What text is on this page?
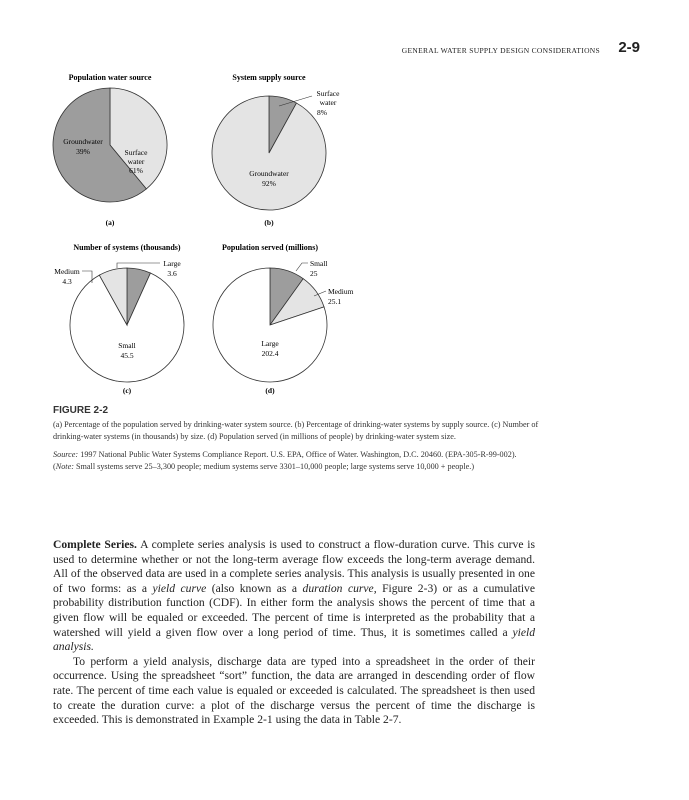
GENERAL WATER SUPPLY DESIGN CONSIDERATIONS 2-9
Population water source
Groundwater
39%	Surface water
61%
(a)
System supply source
Surface water
8%
Groundwater
92%
(b)
Number of systems (thousands)
Large
3.6
Medium
4.3
Small
45.5
(c)
Population served (millions)
Small
25
Medium
25.1
Large
202.4
(d)
FIGURE 2-2

(a) Percentage of the population served by drinking-water system source. (b) Percentage of drinking-water systems by supply source. (c) Number of drinking-water systems (in thousands) by size. (d) Population served (in millions of people) by drinking-water system size.

Source: 1997 National Public Water Systems Compliance Report. U.S. EPA, Office of Water. Washington, D.C. 20460. (EPA-305-R-99-002).

(Note: Small systems serve 25–3,300 people; medium systems serve 3301–10,000 people; large systems serve 10,000 + people.)

Complete Series. A complete series analysis is used to construct a flow-duration curve. This curve is used to determine whether or not the long-term average flow exceeds the long-term average demand. All of the observed data are used in a complete series analysis. This analysis is usually presented in one of two forms: as a yield curve (also known as a duration curve, Figure 2-3) or as a cumulative probability distribution function (CDF). In either form the analysis shows the percent of time that a given flow will be equaled or exceeded. The percent of time is interpreted as the probability that a watershed will yield a given flow over a long period of time. Thus, it is sometimes called a yield analysis.

To perform a yield analysis, discharge data are typed into a spreadsheet in the order of their occurrence. Using the spreadsheet “sort” function, the data are arranged in descending order of flow rate. The percent of time each value is equaled or exceeded is calculated. The spreadsheet is then used to create the duration curve: a plot of the discharge versus the percent of time the discharge is exceeded. This is demonstrated in Example 2-1 using the data in Table 2-7.
